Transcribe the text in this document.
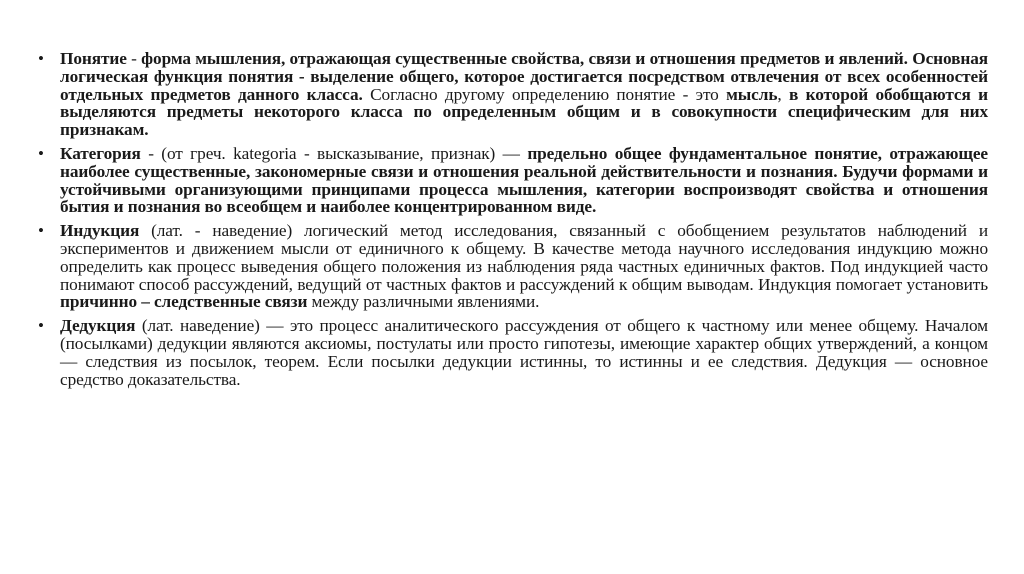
• Понятие - форма мышления, отражающая существенные свойства, связи и отношения предметов и явлений. Основная логическая функция понятия - выделение общего, которое достигается посредством отвлечения от всех особенностей отдельных предметов данного класса. Согласно другому определению понятие - это мысль, в которой обобщаются и выделяются предметы некоторого класса по определенным общим и в совокупности специфическим для них признакам.

• Категория - (от греч. kategoria - высказывание, признак) — предельно общее фундаментальное понятие, отражающее наиболее существенные, закономерные связи и отношения реальной действительности и познания. Будучи формами и устойчивыми организующими принципами процесса мышления, категории воспроизводят свойства и отношения бытия и познания во всеобщем и наиболее концентрированном виде.

• Индукция (лат. - наведение) логический метод исследования, связанный с обобщением результатов наблюдений и экспериментов и движением мысли от единичного к общему. В качестве метода научного исследования индукцию можно определить как процесс выведения общего положения из наблюдения ряда частных единичных фактов. Под индукцией часто понимают способ рассуждений, ведущий от частных фактов и рассуждений к общим выводам. Индукция помогает установить причинно – следственные связи между различными явлениями.

• Дедукция (лат. наведение) — это процесс аналитического рассуждения от общего к частному или менее общему. Началом (посылками) дедукции являются аксиомы, постулаты или просто гипотезы, имеющие характер общих утверждений, а концом — следствия из посылок, теорем. Если посылки дедукции истинны, то истинны и ее следствия. Дедукция — основное средство доказательства.
